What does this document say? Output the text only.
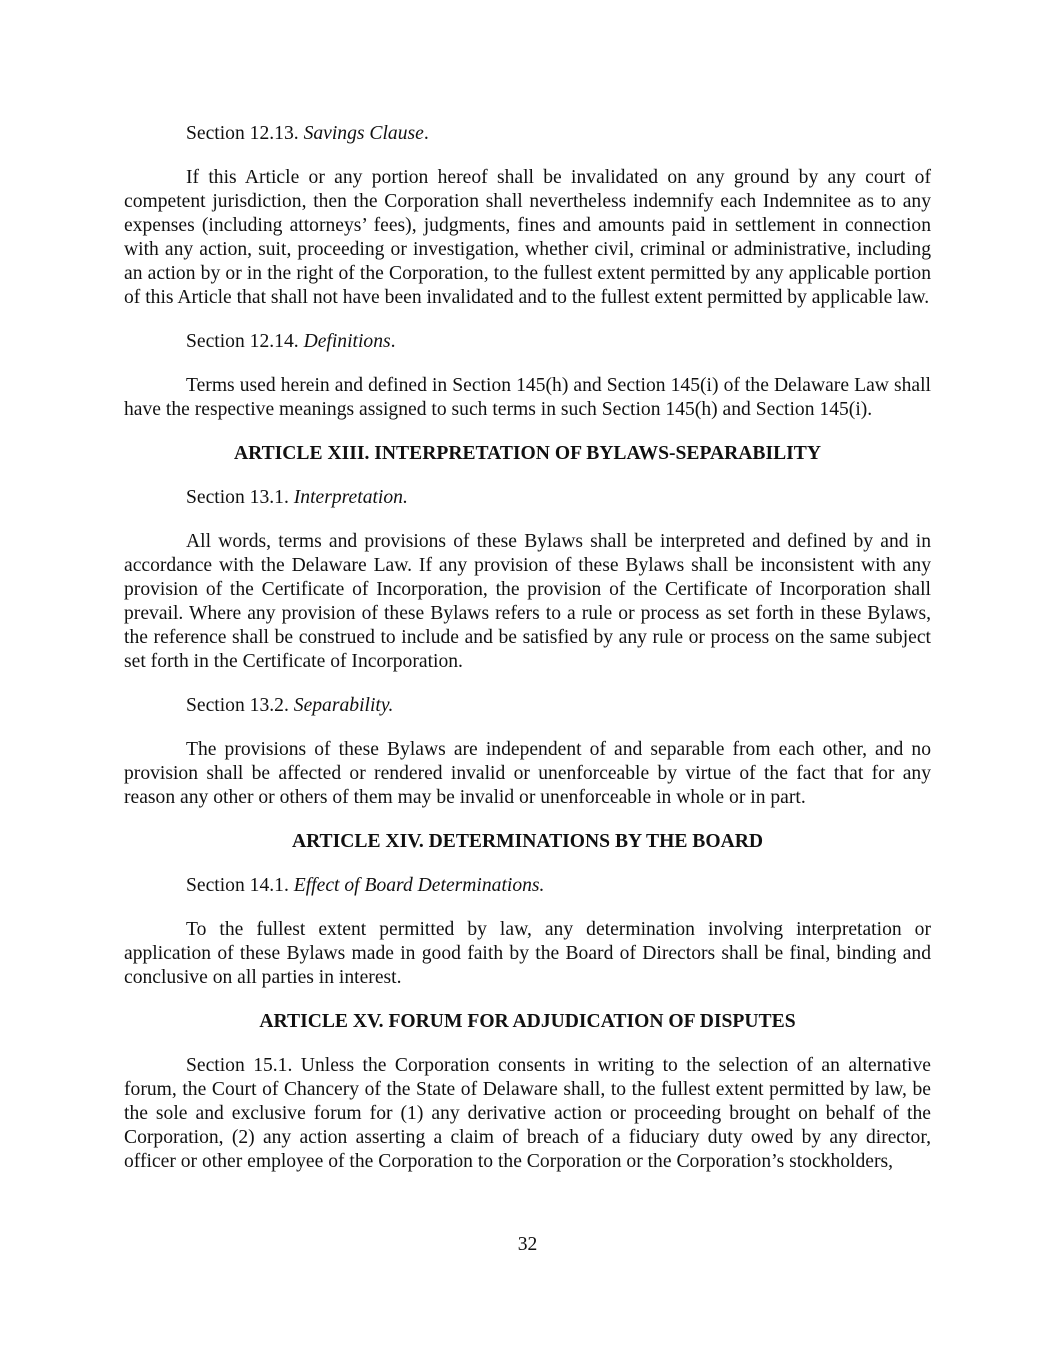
Section 12.13. Savings Clause.

If this Article or any portion hereof shall be invalidated on any ground by any court of competent jurisdiction, then the Corporation shall nevertheless indemnify each Indemnitee as to any expenses (including attorneys’ fees), judgments, fines and amounts paid in settlement in connection with any action, suit, proceeding or investigation, whether civil, criminal or administrative, including an action by or in the right of the Corporation, to the fullest extent permitted by any applicable portion of this Article that shall not have been invalidated and to the fullest extent permitted by applicable law.

Section 12.14. Definitions.

Terms used herein and defined in Section 145(h) and Section 145(i) of the Delaware Law shall have the respective meanings assigned to such terms in such Section 145(h) and Section 145(i).

ARTICLE XIII. INTERPRETATION OF BYLAWS-SEPARABILITY

Section 13.1. Interpretation.

All words, terms and provisions of these Bylaws shall be interpreted and defined by and in accordance with the Delaware Law. If any provision of these Bylaws shall be inconsistent with any provision of the Certificate of Incorporation, the provision of the Certificate of Incorporation shall prevail. Where any provision of these Bylaws refers to a rule or process as set forth in these Bylaws, the reference shall be construed to include and be satisfied by any rule or process on the same subject set forth in the Certificate of Incorporation.

Section 13.2. Separability.

The provisions of these Bylaws are independent of and separable from each other, and no provision shall be affected or rendered invalid or unenforceable by virtue of the fact that for any reason any other or others of them may be invalid or unenforceable in whole or in part.

ARTICLE XIV. DETERMINATIONS BY THE BOARD

Section 14.1. Effect of Board Determinations.

To the fullest extent permitted by law, any determination involving interpretation or application of these Bylaws made in good faith by the Board of Directors shall be final, binding and conclusive on all parties in interest.

ARTICLE XV. FORUM FOR ADJUDICATION OF DISPUTES

Section 15.1. Unless the Corporation consents in writing to the selection of an alternative forum, the Court of Chancery of the State of Delaware shall, to the fullest extent permitted by law, be the sole and exclusive forum for (1) any derivative action or proceeding brought on behalf of the Corporation, (2) any action asserting a claim of breach of a fiduciary duty owed by any director, officer or other employee of the Corporation to the Corporation or the Corporation’s stockholders,

32
